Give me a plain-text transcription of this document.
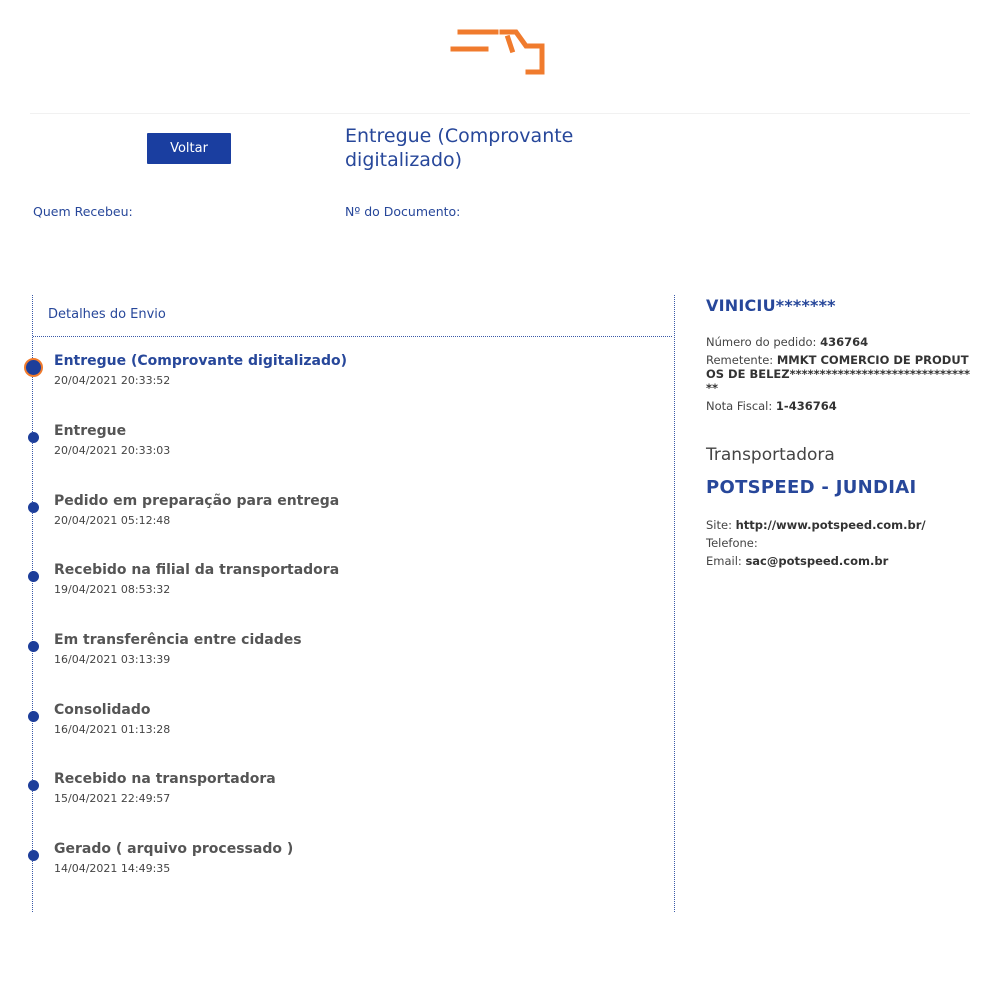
Voltar
Entregue (Comprovante digitalizado)
Quem Recebeu:	Nº do Documento:
Detalhes do Envio
Entregue (Comprovante digitalizado)
20/04/2021 20:33:52
Entregue
20/04/2021 20:33:03
Pedido em preparação para entrega
20/04/2021 05:12:48
Recebido na filial da transportadora
19/04/2021 08:53:32
Em transferência entre cidades
16/04/2021 03:13:39
Consolidado
16/04/2021 01:13:28
Recebido na transportadora
15/04/2021 22:49:57
Gerado ( arquivo processado )
14/04/2021 14:49:35
VINICIU*******
Número do pedido: 436764
Remetente: MMKT COMERCIO DE PRODUTOS DE BELEZ********************************
Nota Fiscal: 1-436764
Transportadora
POTSPEED - JUNDIAI
Site: http://www.potspeed.com.br/
Telefone:
Email: sac@potspeed.com.br
